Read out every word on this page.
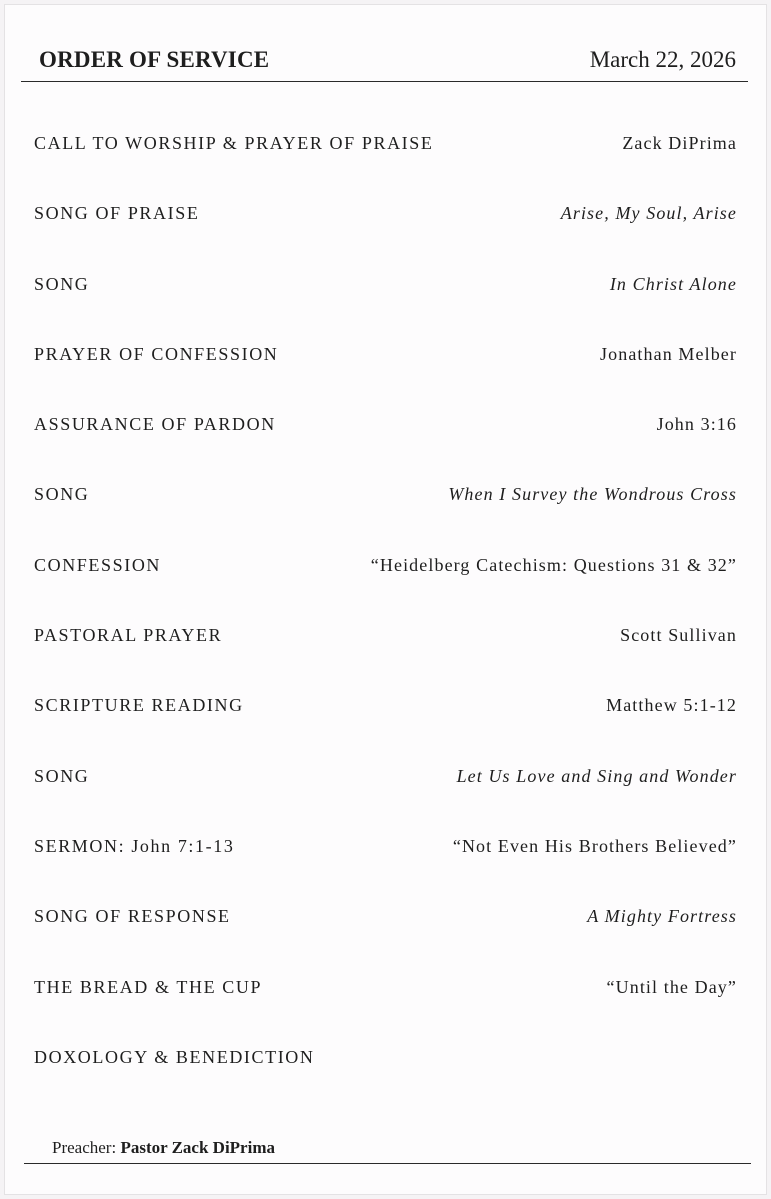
ORDER OF SERVICE	March 22, 2026
CALL TO WORSHIP & PRAYER OF PRAISE	Zack DiPrima
SONG OF PRAISE	Arise, My Soul, Arise
SONG	In Christ Alone
PRAYER OF CONFESSION	Jonathan Melber
ASSURANCE OF PARDON	John 3:16
SONG	When I Survey the Wondrous Cross
CONFESSION	“Heidelberg Catechism: Questions 31 & 32”
PASTORAL PRAYER	Scott Sullivan
SCRIPTURE READING	Matthew 5:1-12
SONG	Let Us Love and Sing and Wonder
SERMON: John 7:1-13	“Not Even His Brothers Believed”
SONG OF RESPONSE	A Mighty Fortress
THE BREAD & THE CUP	“Until the Day”
DOXOLOGY & BENEDICTION
Preacher: Pastor Zack DiPrima
